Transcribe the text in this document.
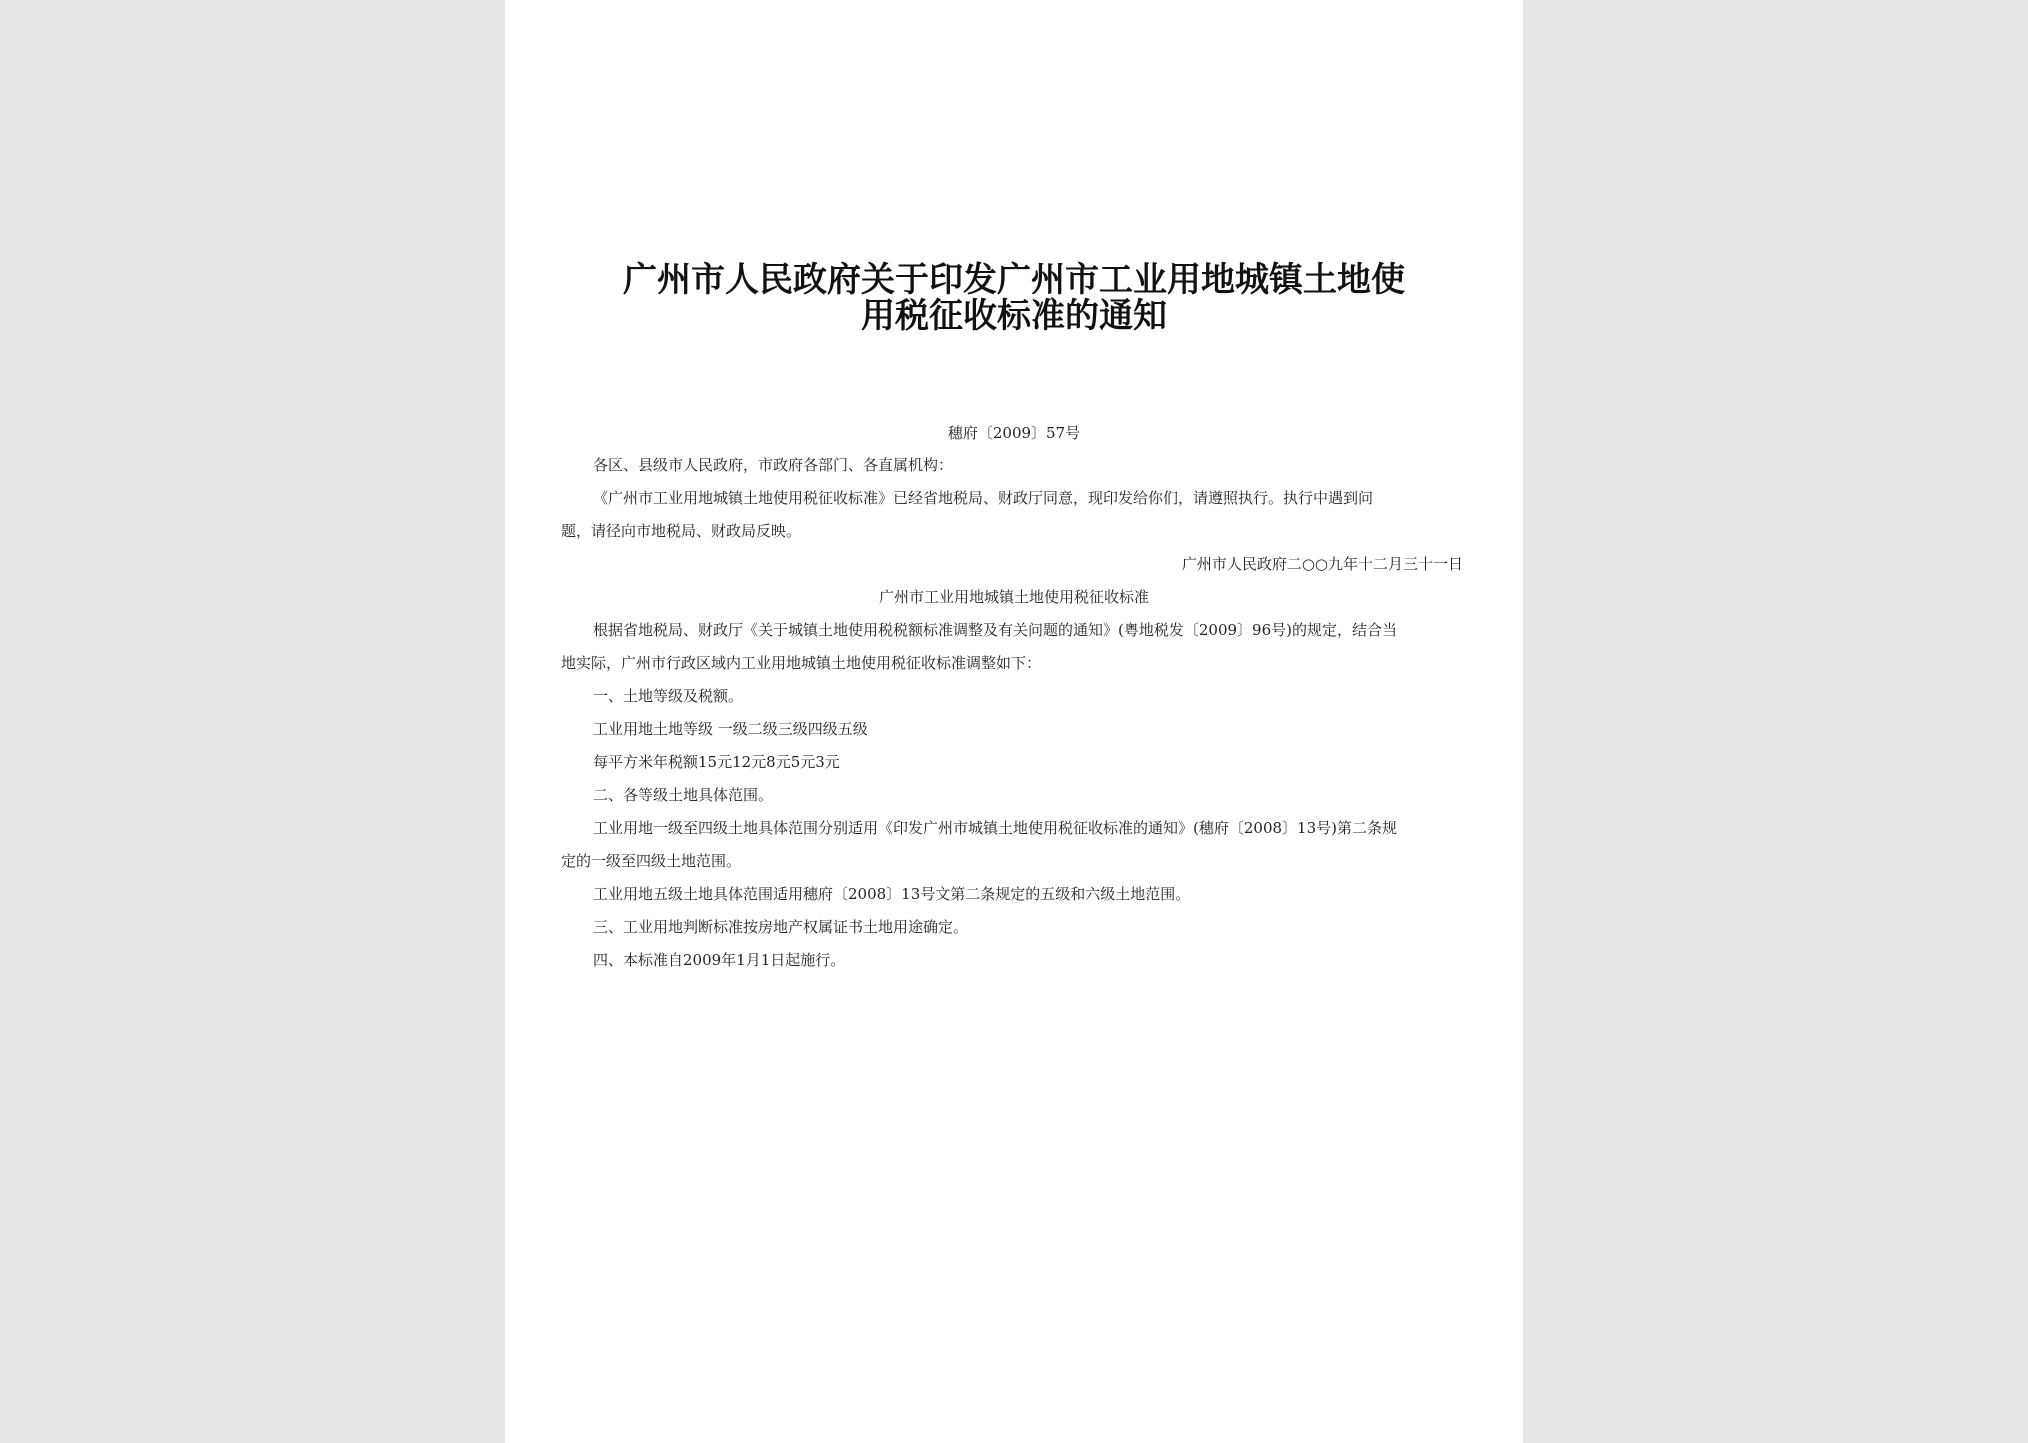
广州市人民政府关于印发广州市工业用地城镇土地使
用税征收标准的通知
穗府〔2009〕57号
各区、县级市人民政府，市政府各部门、各直属机构：
《广州市工业用地城镇土地使用税征收标准》已经省地税局、财政厅同意，现印发给你们，请遵照执行。执行中遇到问
题，请径向市地税局、财政局反映。
广州市人民政府二○○九年十二月三十一日
广州市工业用地城镇土地使用税征收标准
根据省地税局、财政厅《关于城镇土地使用税税额标准调整及有关问题的通知》(粤地税发〔2009〕96号)的规定，结合当
地实际，广州市行政区域内工业用地城镇土地使用税征收标准调整如下：
一、土地等级及税额。
工业用地土地等级 一级二级三级四级五级
每平方米年税额15元12元8元5元3元
二、各等级土地具体范围。
工业用地一级至四级土地具体范围分别适用《印发广州市城镇土地使用税征收标准的通知》(穗府〔2008〕13号)第二条规
定的一级至四级土地范围。
工业用地五级土地具体范围适用穗府〔2008〕13号文第二条规定的五级和六级土地范围。
三、工业用地判断标准按房地产权属证书土地用途确定。
四、本标准自2009年1月1日起施行。
